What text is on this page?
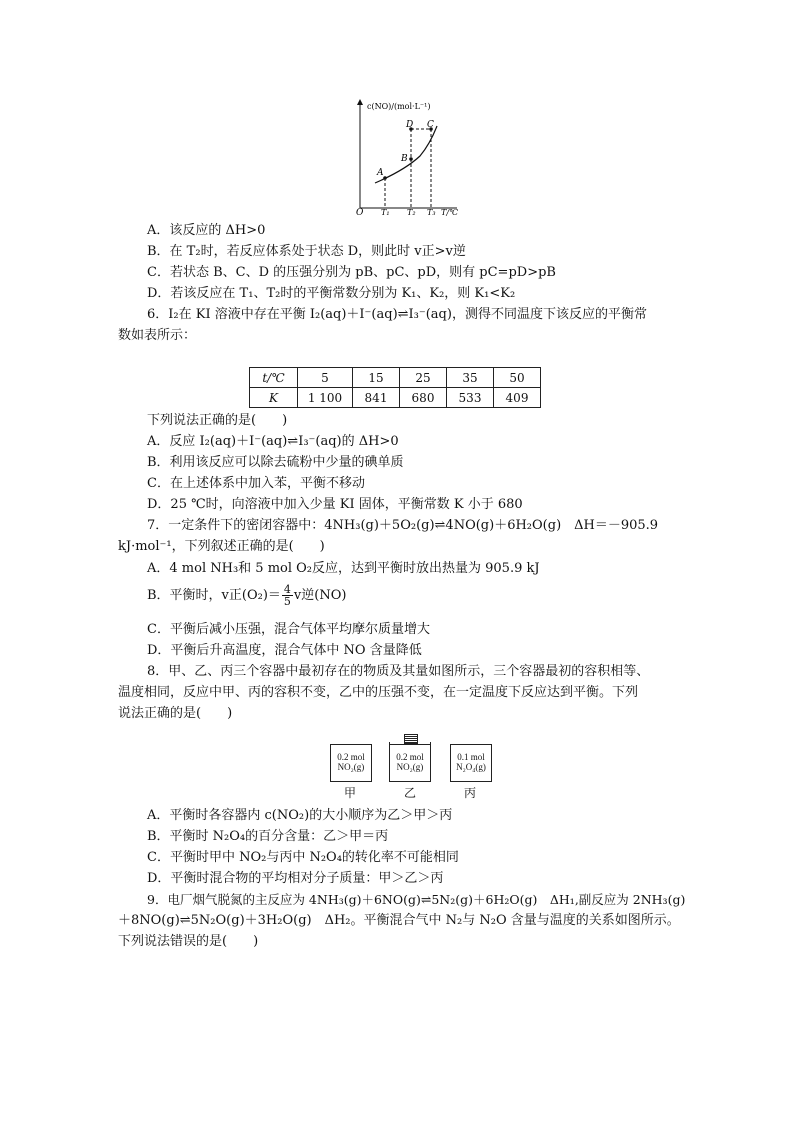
c(NO)/(mol·L⁻¹)
T/℃
O
A
B
C
D
T₁ T₂ T₃
A．该反应的 ΔH>0
B．在 T₂时，若反应体系处于状态 D，则此时 v正>v逆
C．若状态 B、C、D 的压强分别为 pB、pC、pD，则有 pC=pD>pB
D．若该反应在 T₁、T₂时的平衡常数分别为 K₁、K₂，则 K₁<K₂
6．I₂在 KI 溶液中存在平衡 I₂(aq)＋I⁻(aq)⇌I₃⁻(aq)，测得不同温度下该反应的平衡常
数如表所示：
t/℃	5	15	25	35	50
K	1 100	841	680	533	409
下列说法正确的是(　　)
A．反应 I₂(aq)＋I⁻(aq)⇌I₃⁻(aq)的 ΔH>0
B．利用该反应可以除去硫粉中少量的碘单质
C．在上述体系中加入苯，平衡不移动
D．25 ℃时，向溶液中加入少量 KI 固体，平衡常数 K 小于 680
7．一定条件下的密闭容器中：4NH₃(g)＋5O₂(g)⇌4NO(g)＋6H₂O(g)　ΔH＝－905.9
kJ·mol⁻¹，下列叙述正确的是(　　)
A．4 mol NH₃和 5 mol O₂反应，达到平衡时放出热量为 905.9 kJ
B．平衡时，v正$(O_2)= \frac{4}{5}$ v逆(NO)
C．平衡后减小压强，混合气体平均摩尔质量增大
D．平衡后升高温度，混合气体中 NO 含量降低
8．甲、乙、丙三个容器中最初存在的物质及其量如图所示，三个容器最初的容积相等、
温度相同，反应中甲、丙的容积不变，乙中的压强不变，在一定温度下反应达到平衡。下列
说法正确的是(　　)
0.2 mol
NO₂(g)
0.2 mol
NO₂(g)
0.1 mol
N₂O₄(g)
甲	乙	丙
A．平衡时各容器内 c(NO₂)的大小顺序为乙＞甲＞丙
B．平衡时 N₂O₄的百分含量：乙＞甲＝丙
C．平衡时甲中 NO₂与丙中 N₂O₄的转化率不可能相同
D．平衡时混合物的平均相对分子质量：甲＞乙＞丙
9．电厂烟气脱氮的主反应为 4NH₃(g)＋6NO(g)⇌5N₂(g)＋6H₂O(g)　ΔH₁,副反应为 2NH₃(g)
＋8NO(g)⇌5N₂O(g)＋3H₂O(g)　ΔH₂。平衡混合气中 N₂与 N₂O 含量与温度的关系如图所示。
下列说法错误的是(　　)
